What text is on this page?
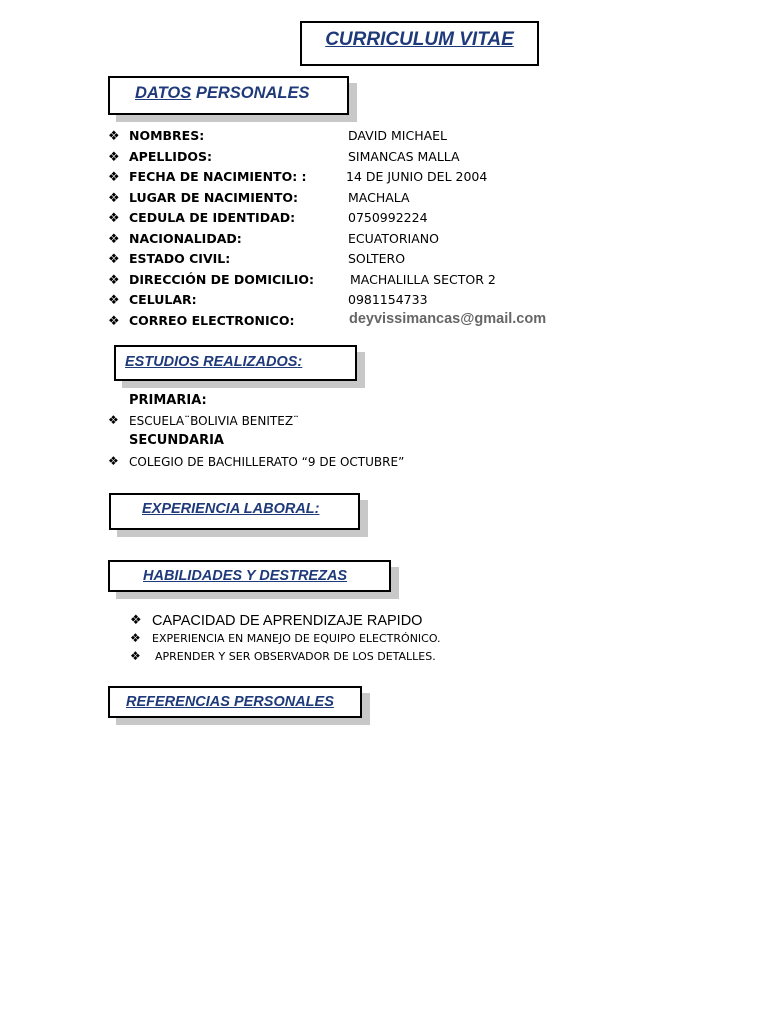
CURRICULUM VITAE
DATOS PERSONALES
❖ NOMBRES:	DAVID MICHAEL
❖ APELLIDOS:	SIMANCAS MALLA
❖ FECHA DE NACIMIENTO: :	14 DE JUNIO DEL 2004
❖ LUGAR DE NACIMIENTO:	MACHALA
❖ CEDULA DE IDENTIDAD:	0750992224
❖ NACIONALIDAD:	ECUATORIANO
❖ ESTADO CIVIL:	SOLTERO
❖ DIRECCIÓN DE DOMICILIO:	MACHALILLA SECTOR 2
❖ CELULAR:	0981154733
❖ CORREO ELECTRONICO:	deyvissimancas@gmail.com
ESTUDIOS REALIZADOS:
PRIMARIA:
❖ ESCUELA¨BOLIVIA BENITEZ¨
SECUNDARIA
❖ COLEGIO DE BACHILLERATO “9 DE OCTUBRE”
EXPERIENCIA LABORAL:
HABILIDADES Y DESTREZAS
❖ CAPACIDAD DE APRENDIZAJE RAPIDO
❖ EXPERIENCIA EN MANEJO DE EQUIPO ELECTRÓNICO.
❖ APRENDER Y SER OBSERVADOR DE LOS DETALLES.
REFERENCIAS PERSONALES
